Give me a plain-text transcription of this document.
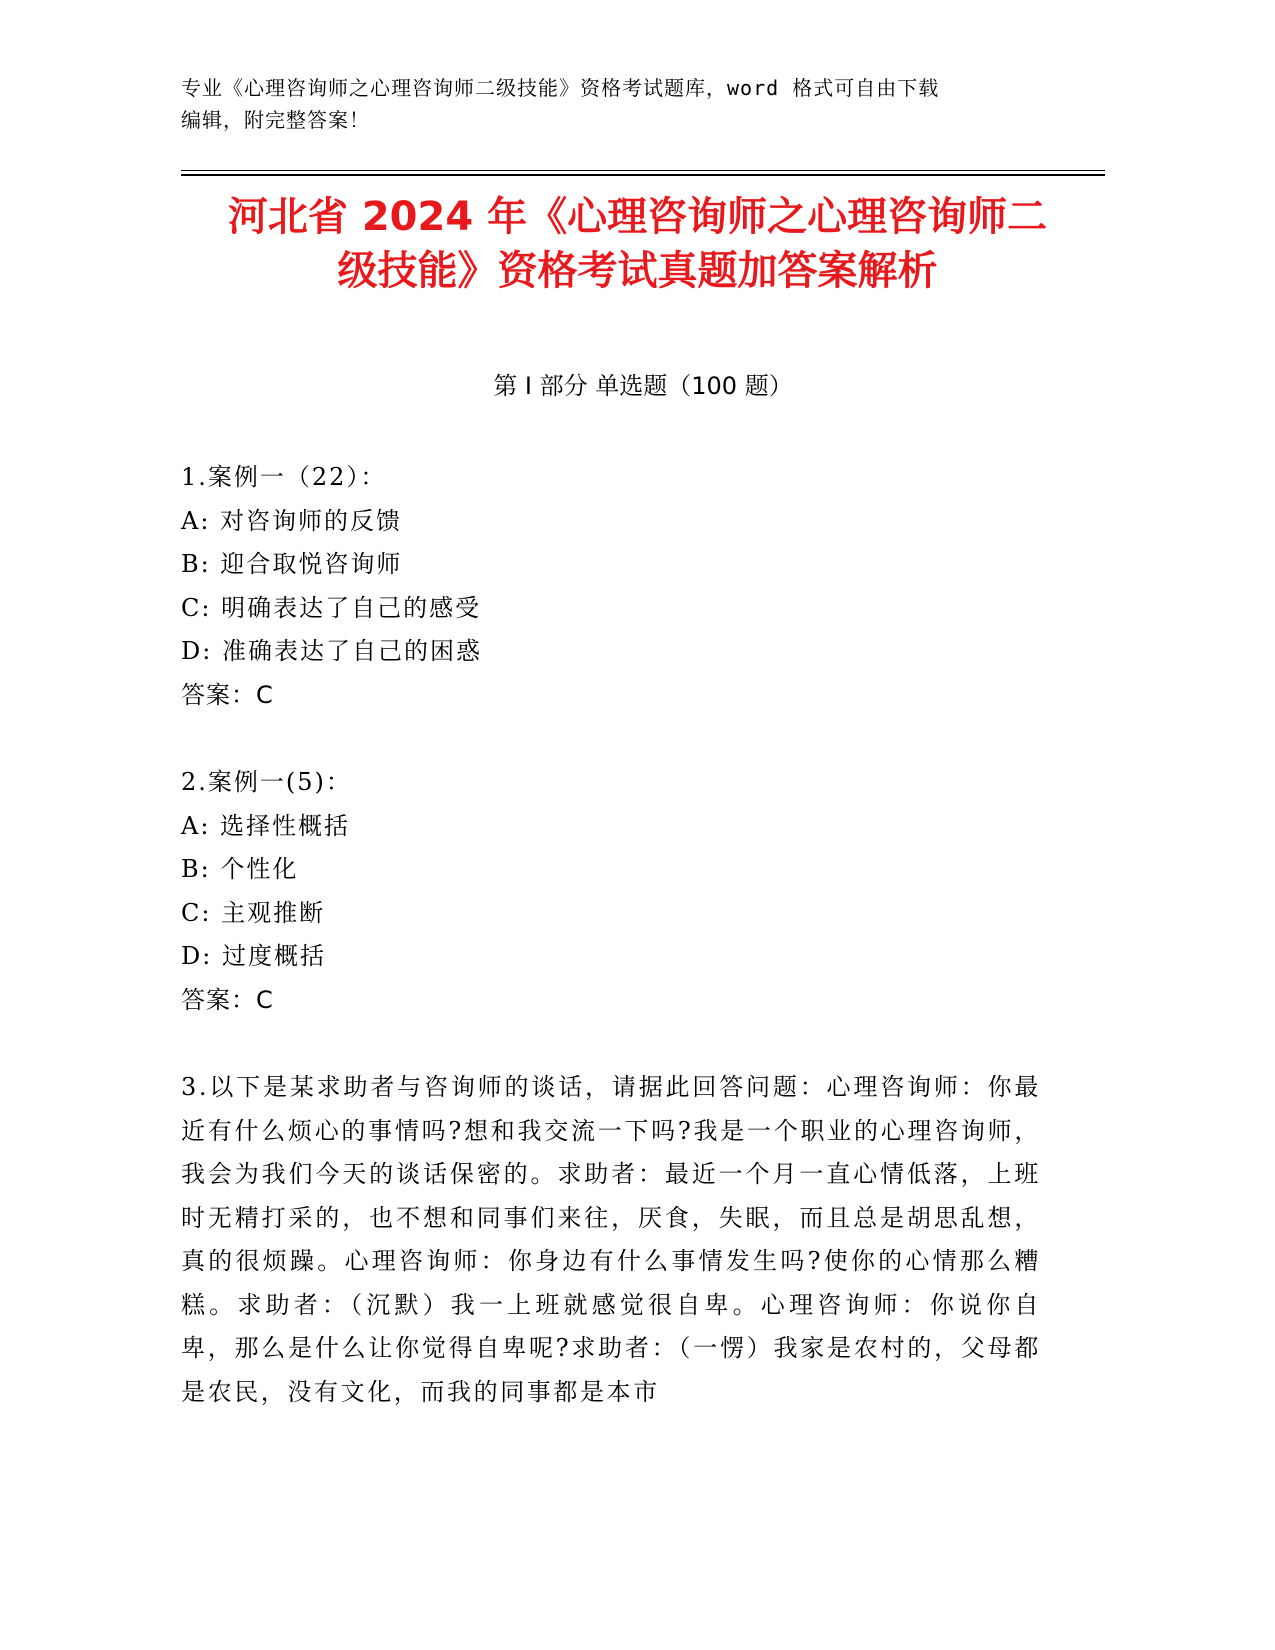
专业《心理咨询师之心理咨询师二级技能》资格考试题库，word 格式可自由下载
编辑，附完整答案！
河北省 2024 年《心理咨询师之心理咨询师二
级技能》资格考试真题加答案解析
第 I 部分 单选题（100 题）
1.案例一（22）：
A: 对咨询师的反馈
B: 迎合取悦咨询师
C: 明确表达了自己的感受
D: 准确表达了自己的困惑
答案：C
2.案例一(5)：
A: 选择性概括
B: 个性化
C: 主观推断
D: 过度概括
答案：C
3.以下是某求助者与咨询师的谈话，请据此回答问题：心理咨询师：你最近有什么烦心的事情吗?想和我交流一下吗?我是一个职业的心理咨询师，我会为我们今天的谈话保密的。求助者：最近一个月一直心情低落，上班时无精打采的，也不想和同事们来往，厌食，失眠，而且总是胡思乱想，真的很烦躁。心理咨询师：你身边有什么事情发生吗?使你的心情那么糟糕。求助者：（沉默）我一上班就感觉很自卑。心理咨询师：你说你自卑，那么是什么让你觉得自卑呢?求助者：（一愣）我家是农村的，父母都是农民，没有文化，而我的同事都是本市
